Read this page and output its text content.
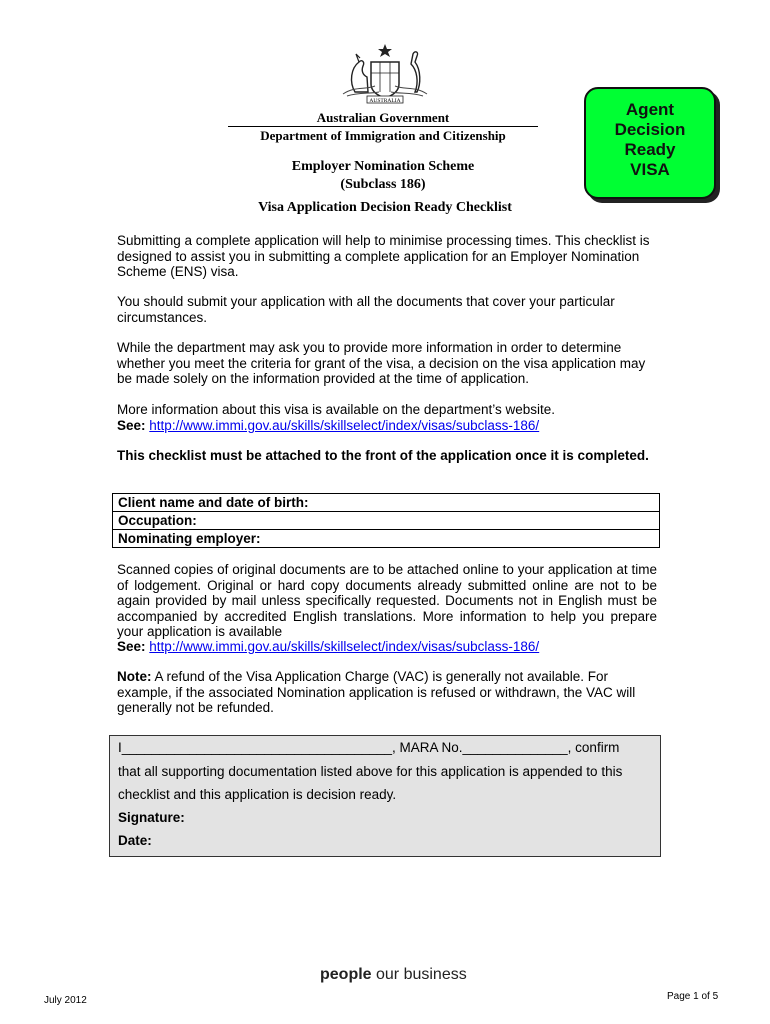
AUSTRALIA
Australian Government
Department of Immigration and Citizenship
Employer Nomination Scheme
(Subclass 186)
Visa Application Decision Ready Checklist
Agent
Decision
Ready
VISA

Submitting a complete application will help to minimise processing times. This checklist is designed to assist you in submitting a complete application for an Employer Nomination Scheme (ENS) visa.

You should submit your application with all the documents that cover your particular circumstances.

While the department may ask you to provide more information in order to determine whether you meet the criteria for grant of the visa, a decision on the visa application may be made solely on the information provided at the time of application.

More information about this visa is available on the department’s website.

See: http://www.immi.gov.au/skills/skillselect/index/visas/subclass-186/

This checklist must be attached to the front of the application once it is completed.

Client name and date of birth:
Occupation:
Nominating employer:

Scanned copies of original documents are to be attached online to your application at time of lodgement. Original or hard copy documents already submitted online are not to be again provided by mail unless specifically requested. Documents not in English must be accompanied by accredited English translations. More information to help you prepare your application is available

See: http://www.immi.gov.au/skills/skillselect/index/visas/subclass-186/

Note: A refund of the Visa Application Charge (VAC) is generally not available. For example, if the associated Nomination application is refused or withdrawn, the VAC will generally not be refunded.

I____________________________________, MARA No.______________, confirm
that all supporting documentation listed above for this application is appended to this
checklist and this application is decision ready.
Signature:
Date:
people our business
July 2012	Page 1 of 5
